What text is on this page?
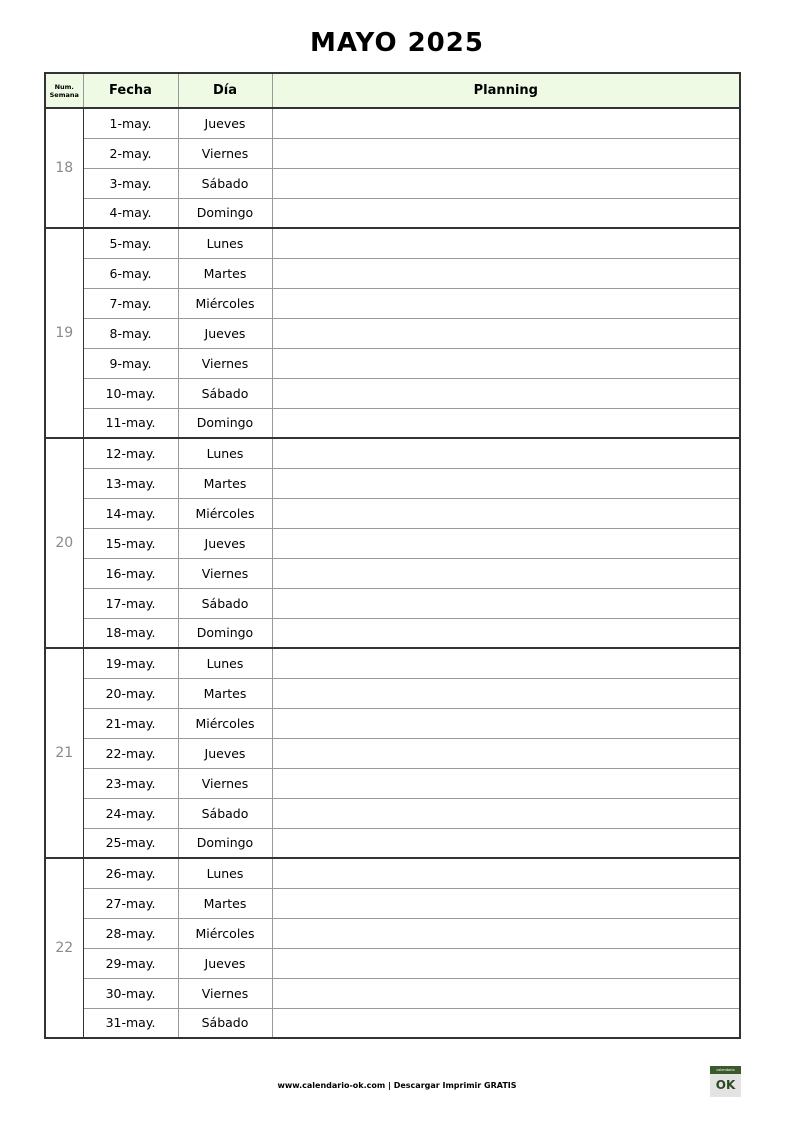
MAYO 2025
Num.
Semana	Fecha	Día	Planning
18	1-may.	Jueves	
	2-may.	Viernes	
	3-may.	Sábado	
	4-may.	Domingo	
19	5-may.	Lunes	
	6-may.	Martes	
	7-may.	Miércoles	
	8-may.	Jueves	
	9-may.	Viernes	
	10-may.	Sábado	
	11-may.	Domingo	
20	12-may.	Lunes	
	13-may.	Martes	
	14-may.	Miércoles	
	15-may.	Jueves	
	16-may.	Viernes	
	17-may.	Sábado	
	18-may.	Domingo	
21	19-may.	Lunes	
	20-may.	Martes	
	21-may.	Miércoles	
	22-may.	Jueves	
	23-may.	Viernes	
	24-may.	Sábado	
	25-may.	Domingo	
22	26-may.	Lunes	
	27-may.	Martes	
	28-may.	Miércoles	
	29-may.	Jueves	
	30-may.	Viernes	
	31-may.	Sábado	
www.calendario-ok.com | Descargar Imprimir GRATIS
calendario
OK
